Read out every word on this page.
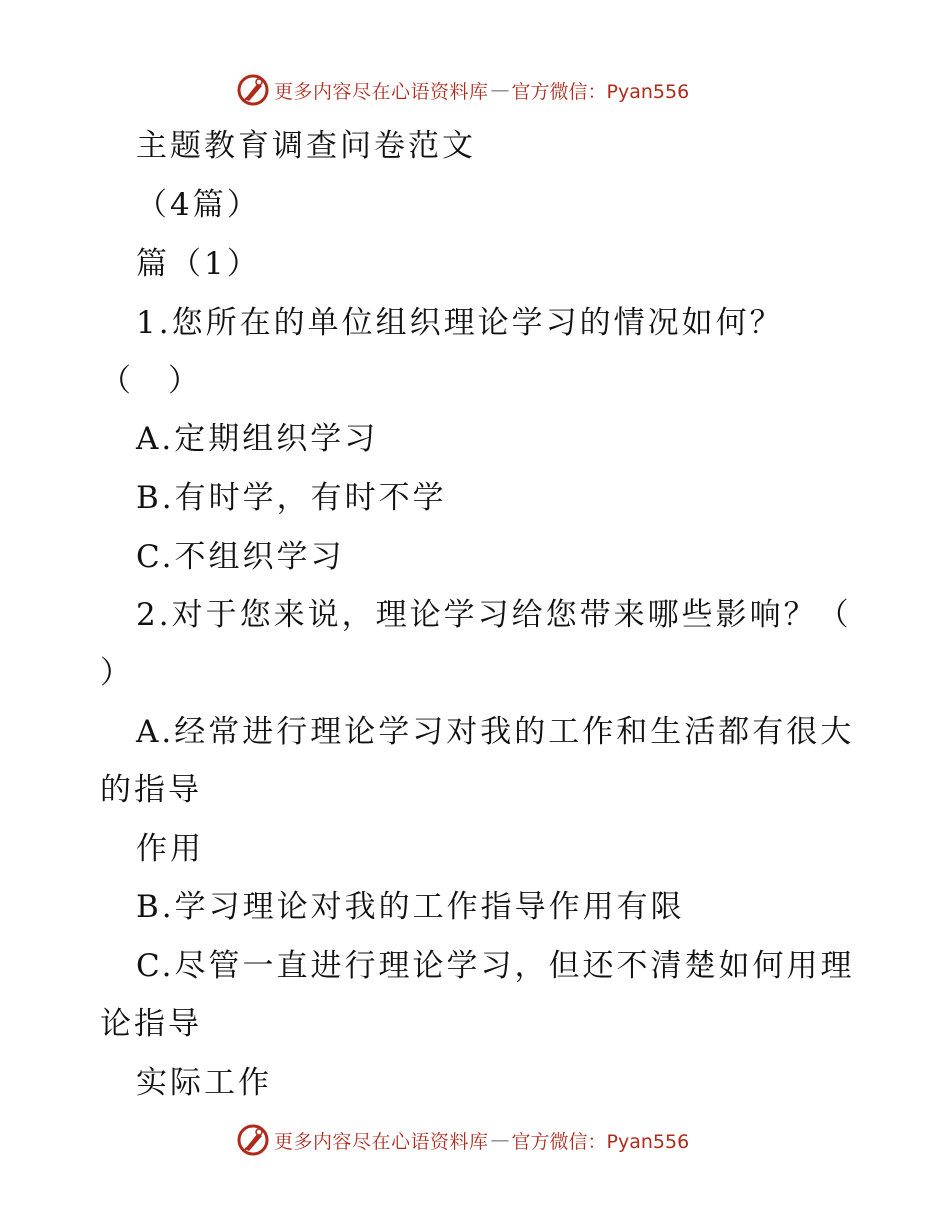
更多内容尽在心语资料库 — 官方微信：Pyan556
主题教育调查问卷范文
（4篇）
篇（1）
1.您所在的单位组织理论学习的情况如何？
（　）
A.定期组织学习
B.有时学，有时不学
C.不组织学习
2.对于您来说，理论学习给您带来哪些影响？（
）
A.经常进行理论学习对我的工作和生活都有很大
的指导
作用
B.学习理论对我的工作指导作用有限
C.尽管一直进行理论学习，但还不清楚如何用理
论指导
实际工作
更多内容尽在心语资料库 — 官方微信：Pyan556
